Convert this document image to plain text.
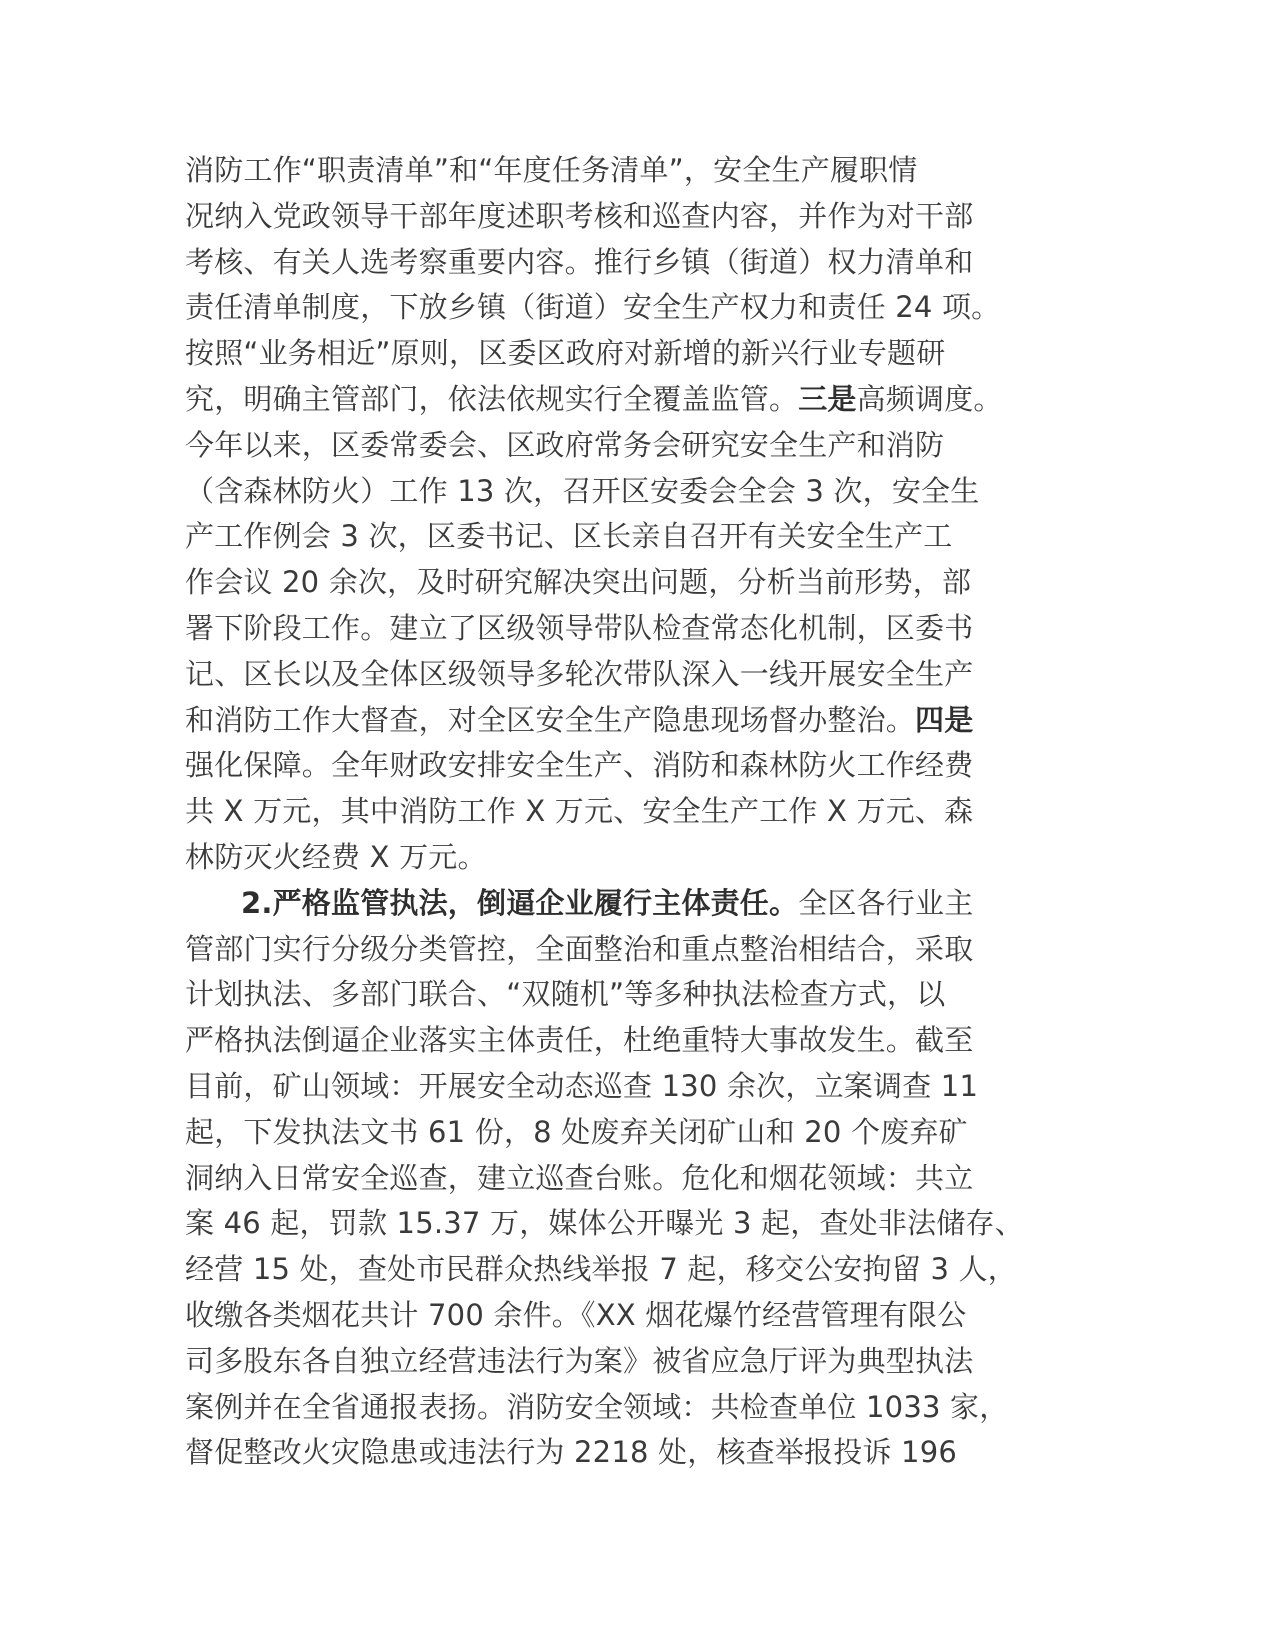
消防工作“职责清单”和“年度任务清单”，安全生产履职情
况纳入党政领导干部年度述职考核和巡查内容，并作为对干部
考核、有关人选考察重要内容。推行乡镇（街道）权力清单和
责任清单制度，下放乡镇（街道）安全生产权力和责任 24 项。
按照“业务相近”原则，区委区政府对新增的新兴行业专题研
究，明确主管部门，依法依规实行全覆盖监管。三是高频调度。
今年以来，区委常委会、区政府常务会研究安全生产和消防
（含森林防火）工作 13 次，召开区安委会全会 3 次，安全生
产工作例会 3 次，区委书记、区长亲自召开有关安全生产工
作会议 20 余次，及时研究解决突出问题，分析当前形势，部
署下阶段工作。建立了区级领导带队检查常态化机制，区委书
记、区长以及全体区级领导多轮次带队深入一线开展安全生产
和消防工作大督查，对全区安全生产隐患现场督办整治。四是
强化保障。全年财政安排安全生产、消防和森林防火工作经费
共 X 万元，其中消防工作 X 万元、安全生产工作 X 万元、森
林防灭火经费 X 万元。
2.严格监管执法，倒逼企业履行主体责任。全区各行业主
管部门实行分级分类管控，全面整治和重点整治相结合，采取
计划执法、多部门联合、“双随机”等多种执法检查方式，以
严格执法倒逼企业落实主体责任，杜绝重特大事故发生。截至
目前，矿山领域：开展安全动态巡查 130 余次，立案调查 11
起，下发执法文书 61 份，8 处废弃关闭矿山和 20 个废弃矿
洞纳入日常安全巡查，建立巡查台账。危化和烟花领域：共立
案 46 起，罚款 15.37 万，媒体公开曝光 3 起，查处非法储存、
经营 15 处，查处市民群众热线举报 7 起，移交公安拘留 3 人，
收缴各类烟花共计 700 余件。《XX 烟花爆竹经营管理有限公
司多股东各自独立经营违法行为案》被省应急厅评为典型执法
案例并在全省通报表扬。消防安全领域：共检查单位 1033 家，
督促整改火灾隐患或违法行为 2218 处，核查举报投诉 196
